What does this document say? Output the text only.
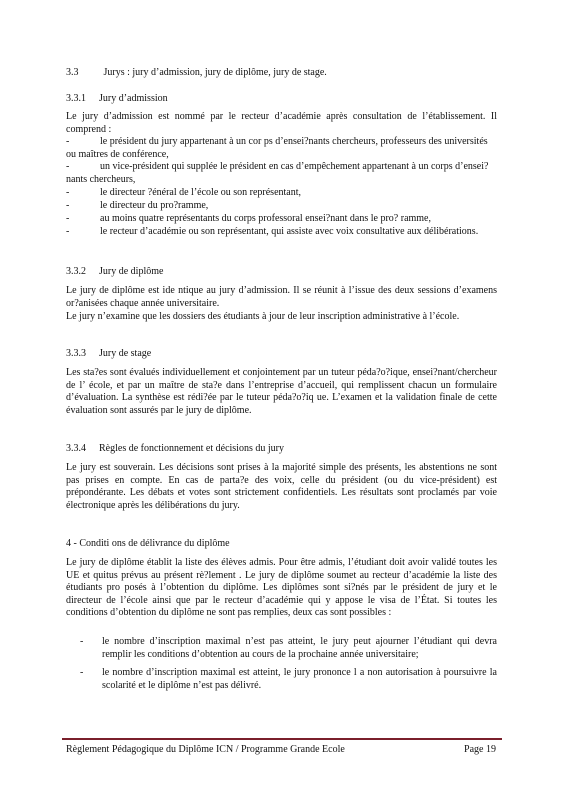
3.3	Jurys : jury d’admission, jury de diplôme, jury de stage.
3.3.1 Jury d’admission
Le jury d’admission est nommé par le recteur d’académie après consultation de l’établissement. Il comprend :
-	le président du jury appartenant à un cor ps d’ensei?nants chercheurs, professeurs des universités ou maîtres de conférence,
-	un vice-président qui supplée le président en cas d’empêchement appartenant à un corps d’ensei?nants chercheurs,
-	le directeur ?énéral de l’école ou son représentant,
-	le directeur du pro?ramme,
-	au moins quatre représentants du corps professoral ensei?nant dans le pro? ramme,
-	le recteur d’académie ou son représentant, qui assiste avec voix consultative aux délibérations.
3.3.2 Jury de diplôme
Le jury de diplôme est ide ntique au jury d’admission. Il se réunit à l’issue des deux sessions d’examens or?anisées chaque année universitaire.
Le jury n’examine que les dossiers des étudiants à jour de leur inscription administrative à l’école.
3.3.3 Jury de stage
Les sta?es sont évalués individuellement et conjointement par un tuteur péda?o?ique, ensei?nant/chercheur de l’ école, et par un maître de sta?e dans l’entreprise d’accueil, qui remplissent chacun un formulaire d’évaluation. La synthèse est rédi?ée par le tuteur péda?o?iq ue. L’examen et la validation finale de cette évaluation sont assurés par le jury de diplôme.
3.3.4 Règles de fonctionnement et décisions du jury
Le jury est souverain. Les décisions sont prises à la majorité simple des présents, les abstentions ne sont pas prises en compte. En cas de parta?e des voix, celle du président (ou du vice-président) est prépondérante. Les débats et votes sont strictement confidentiels. Les résultats sont proclamés par voie électronique après les délibérations du jury.
4 - Conditi ons de délivrance du diplôme
Le jury de diplôme établit la liste des élèves admis. Pour être admis, l’étudiant doit avoir validé toutes les UE et quitus prévus au présent rè?lement . Le jury de diplôme soumet au recteur d’académie la liste des étudiants pro posés à l’obtention du diplôme. Les diplômes sont si?nés par le président de jury et le directeur de l’école ainsi que par le recteur d’académie qui y appose le visa de l’État. Si toutes les conditions d’obtention du diplôme ne sont pas remplies, deux cas sont possibles :
-	le nombre d’inscription maximal n’est pas atteint, le jury peut ajourner l’étudiant qui devra remplir les conditions d’obtention au cours de la prochaine année universitaire;
-	le nombre d’inscription maximal est atteint, le jury prononce l a non autorisation à poursuivre la scolarité et le diplôme n’est pas délivré.
Règlement Pédagogique du Diplôme ICN / Programme Grande Ecole	Page 19
